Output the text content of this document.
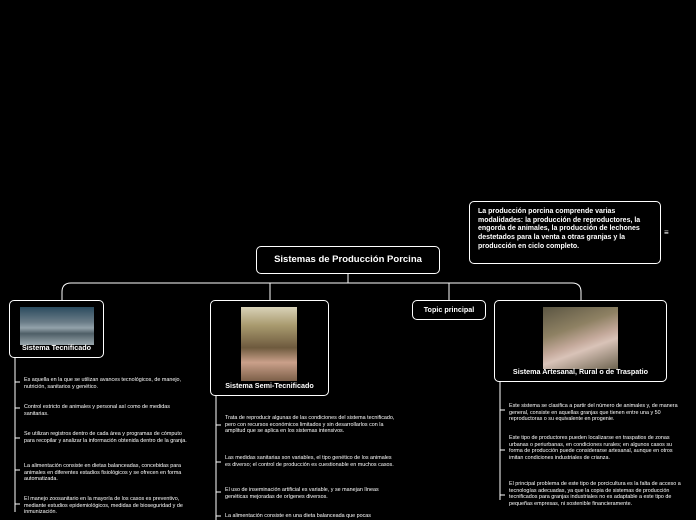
Sistemas de Producción Porcina
La producción porcina comprende varias modalidades: la producción de reproductores, la engorda de animales, la producción de lechones destetados para la venta a otras granjas y la producción en ciclo completo.
≡
Sistema Tecnificado
Sistema Semi-Tecnificado
Topic principal
Sistema Artesanal, Rural o de Traspatio
Es aquella en la que se utilizan avances tecnológicos, de manejo, nutrición, sanitarios y genético.
Control estricto de animales y personal así como de medidas sanitarias.
Se utilizan registros dentro de cada área y programas de cómputo para recopilar y analizar la información obtenida dentro de la granja.
La alimentación consiste en dietas balanceadas, concebidas para animales en diferentes estadios fisiológicos y se ofrecen en forma automatizada.
El manejo zoosanitario en la mayoría de los casos es preventivo, mediante estudios epidemiológicos, medidas de bioseguridad y de inmunización.
Trata de reproducir algunas de las condiciones del sistema tecnificado, pero con recursos económicos limitados y sin desarrollarlos con la amplitud que se aplica en los sistemas intensivos.
Las medidas sanitarias son variables, el tipo genético de los animales es diverso; el control de producción es cuestionable en muchos casos.
El uso de inseminación artificial es variable, y se manejan líneas genéticas mejoradas de orígenes diversos.
La alimentación consiste en una dieta balanceada que pocas
Este sistema se clasifica a partir del número de animales y, de manera general, consiste en aquellas granjas que tienen entre una y 50 reproductoras o su equivalente en progenie.
Este tipo de productores pueden localizarse en traspatios de zonas urbanas o periurbanas, en condiciones rurales; en algunos casos su forma de producción puede considerarse artesanal, aunque en otros imitan condiciones industriales de crianza.
El principal problema de este tipo de porcicultura es la falta de acceso a tecnologías adecuadas, ya que la copia de sistemas de producción tecnificados para granjas industriales no es adaptable a este tipo de pequeñas empresas, ni sostenible financieramente.
